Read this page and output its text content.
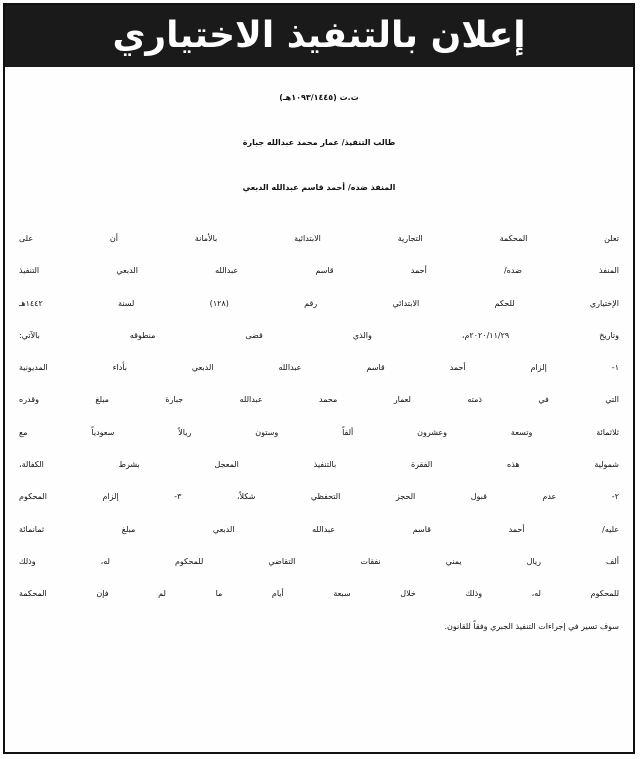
إعلان بالتنفيذ الاختياري
ت.ت (١٠٩٣/١٤٤٥هـ)
طالب التنفيذ/ عمار محمد عبدالله جبارة
المنفذ ضده/ أحمد قاسم عبدالله الدبعي
تعلن المحكمة التجارية الابتدائية بالأمانة أن على
المنفذ ضده/ أحمد قاسم عبدالله الدبعي التنفيذ
الإختياري للحكم الابتدائي رقم (١٢٨) لسنة ١٤٤٢هـ
وتاريخ ٢٠٢٠/١١/٢٩م، والذي قضى منطوقه بالآتي:
١- إلزام أحمد قاسم عبدالله الدبعي بأداء المديونية
التي في ذمته لعمار محمد عبدالله جبارة مبلغ وقدره
ثلاثمائة وتسعة وعشرون ألفاً وستون ريالاً سعودياً مع
شمولية هذه الفقرة بالتنفيذ المعجل بشرط الكفالة،
٢- عدم قبول الحجز التحفظي شكلاً، ٣- إلزام المحكوم
عليه/ أحمد قاسم عبدالله الدبعي مبلغ ثمانمائة
ألف ريال يمني نفقات التقاضي للمحكوم له، وذلك
للمحكوم له، وذلك خلال سبعة أيام ما لم فإن المحكمة
سوف تسير في إجراءات التنفيذ الجبري وفقاً للقانون.
